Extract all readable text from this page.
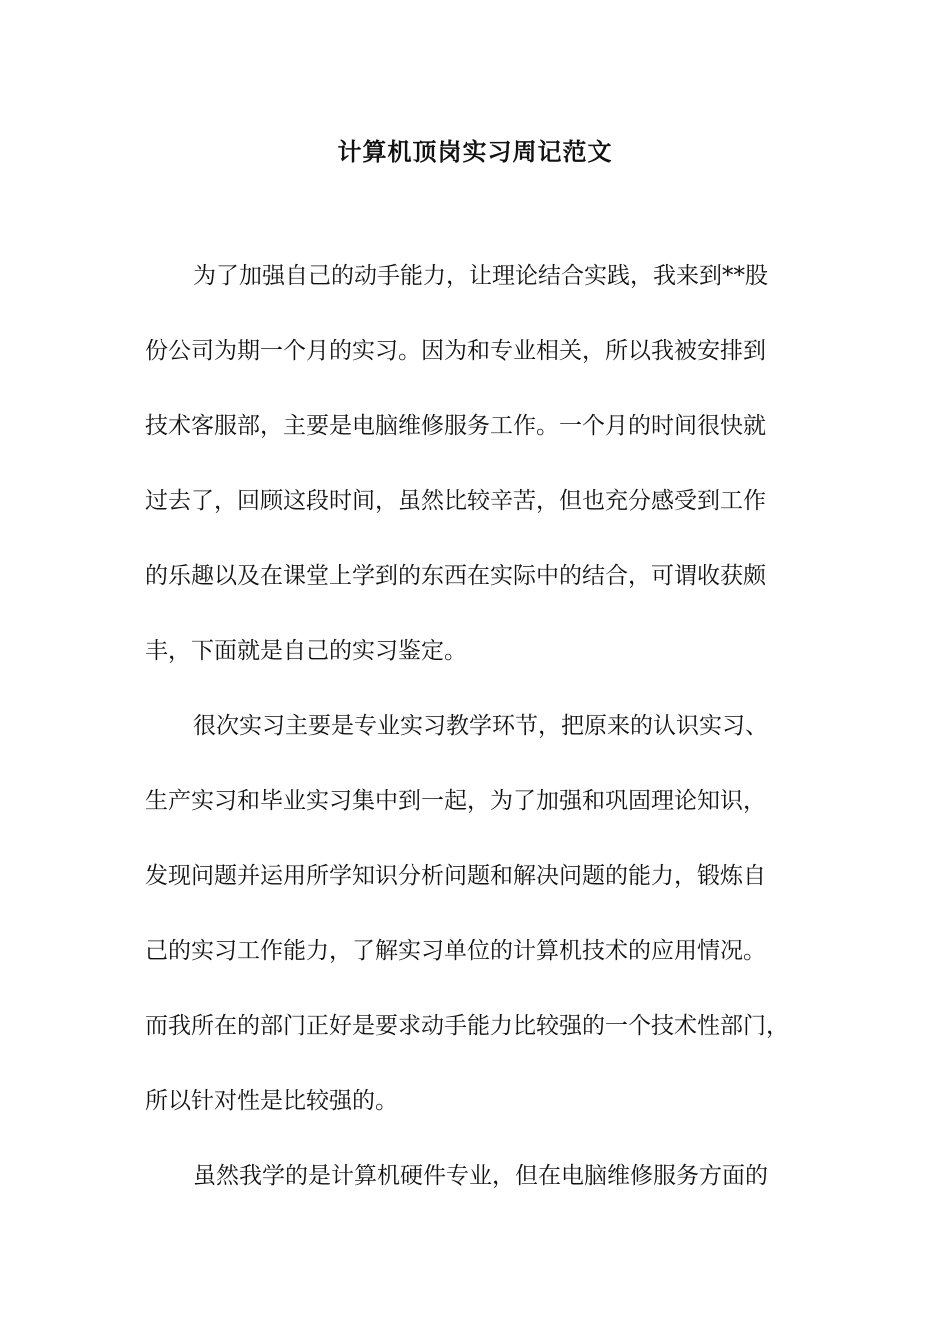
计算机顶岗实习周记范文
为了加强自己的动手能力，让理论结合实践，我来到**股
份公司为期一个月的实习。因为和专业相关，所以我被安排到
技术客服部，主要是电脑维修服务工作。一个月的时间很快就
过去了，回顾这段时间，虽然比较辛苦，但也充分感受到工作
的乐趣以及在课堂上学到的东西在实际中的结合，可谓收获颇
丰，下面就是自己的实习鉴定。
很次实习主要是专业实习教学环节，把原来的认识实习、
生产实习和毕业实习集中到一起，为了加强和巩固理论知识，
发现问题并运用所学知识分析问题和解决问题的能力，锻炼自
己的实习工作能力，了解实习单位的计算机技术的应用情况。
而我所在的部门正好是要求动手能力比较强的一个技术性部门，
所以针对性是比较强的。
虽然我学的是计算机硬件专业，但在电脑维修服务方面的
